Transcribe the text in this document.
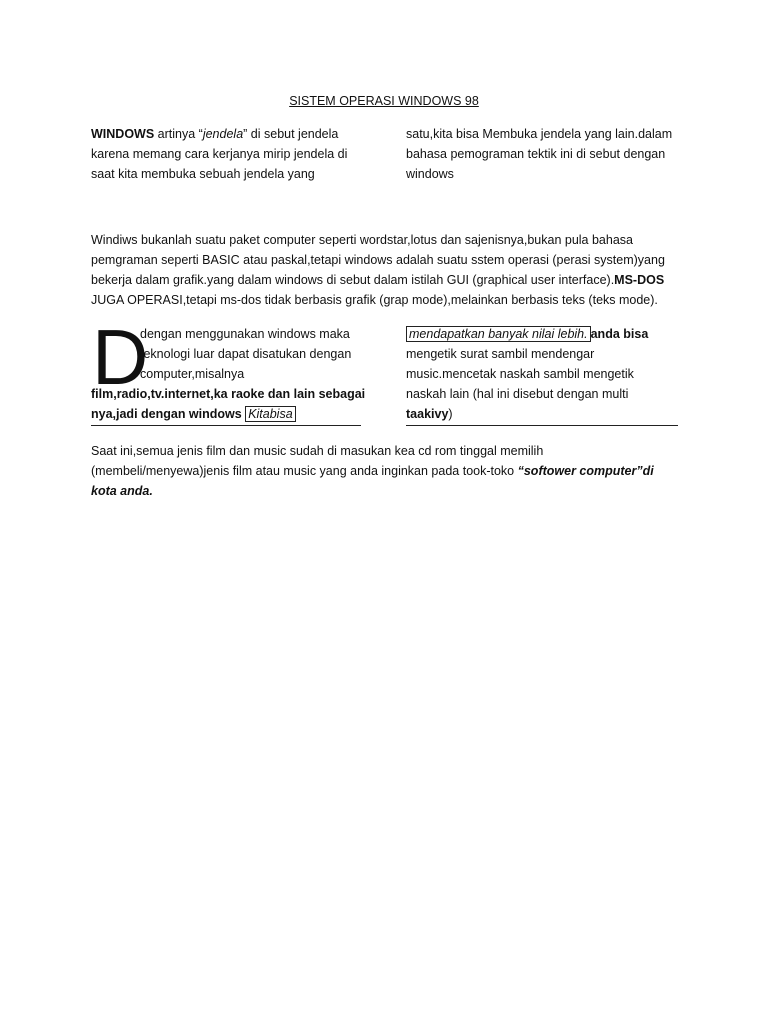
SISTEM OPERASI WINDOWS 98
WINDOWS artinya “jendela” di sebut jendela
karena memang cara kerjanya mirip jendela di
saat kita membuka sebuah jendela yang
satu,kita bisa Membuka jendela yang lain.dalam
bahasa pemograman tektik ini di sebut dengan
windows
Windiws bukanlah suatu paket computer seperti wordstar,lotus dan sajenisnya,bukan pula bahasa
pemgraman seperti BASIC atau paskal,tetapi windows adalah suatu sstem operasi (perasi system)yang
bekerja dalam grafik.yang dalam windows di sebut dalam istilah GUI (graphical user interface).MS-DOS
JUGA OPERASI,tetapi ms-dos tidak berbasis grafik (grap mode),melainkan berbasis teks (teks mode).
D
dengan menggunakan windows maka
teknologi luar dapat disatukan dengan
computer,misalnya
film,radio,tv.internet,ka raoke dan lain sebagai
nya,jadi dengan windows Kitabisa
mendapatkan banyak nilai lebih. anda bisa
mengetik surat sambil mendengar
music.mencetak naskah sambil mengetik
naskah lain (hal ini disebut dengan multi
taakivy)
Saat ini,semua jenis film dan music sudah di masukan kea cd rom tinggal memilih
(membeli/menyewa)jenis film atau music yang anda inginkan pada took-toko “softower computer”di
kota anda.
